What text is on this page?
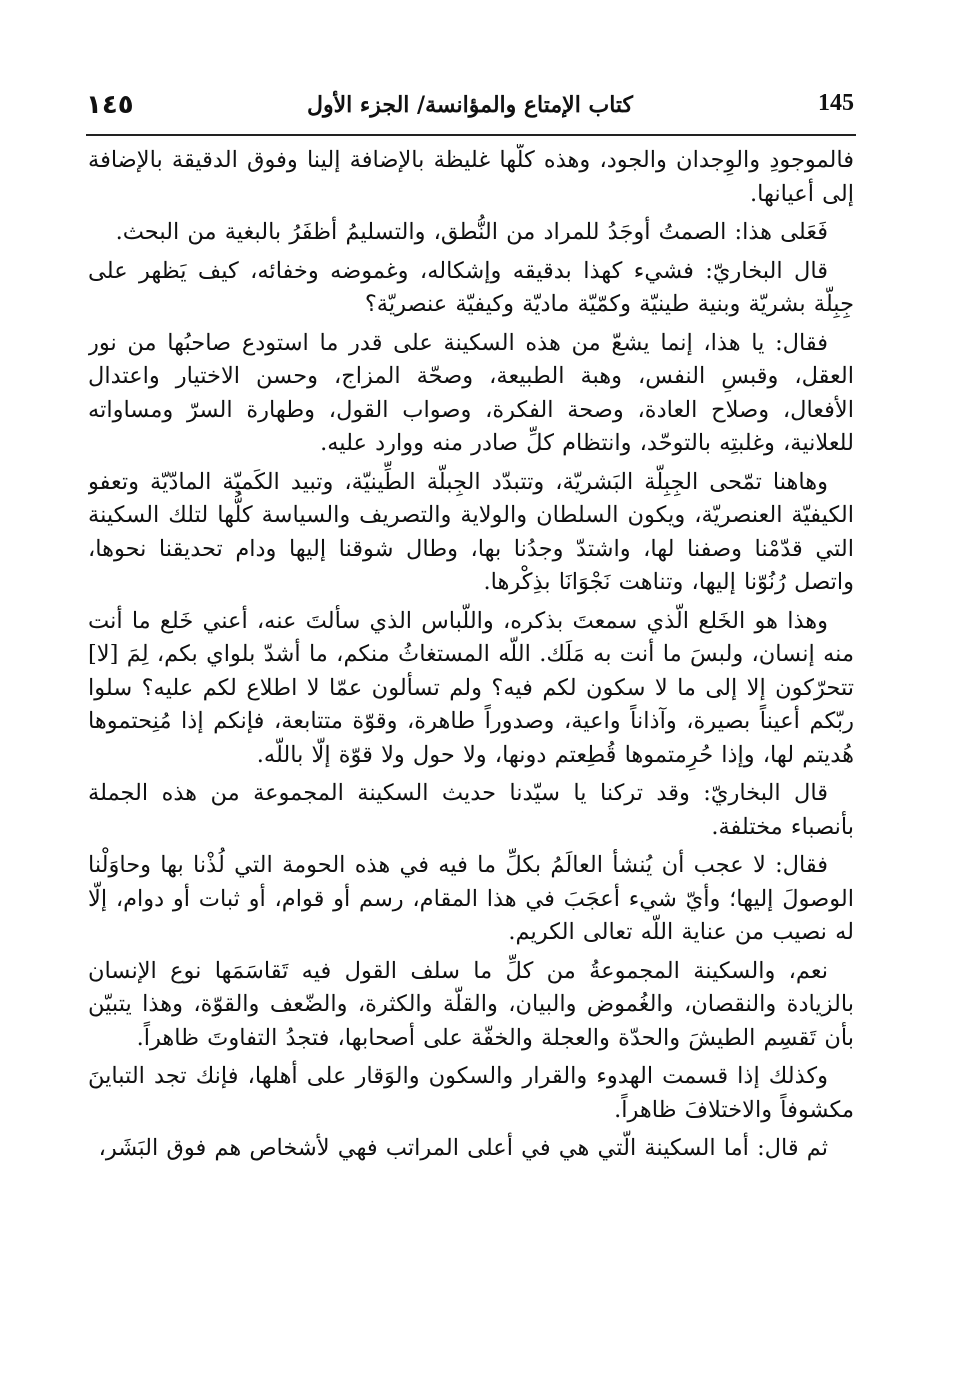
١٤٥	كتاب الإمتاع والمؤانسة/ الجزء الأول	145

فالموجودِ والوِجدان والجود، وهذه كلُّها غليظة بالإضافة إلينا وفوق الدقيقة بالإضافة إلى أعيانها.

فَعَلى هذا: الصمتُ أوجَدُ للمراد من النُّطق، والتسليمُ أظفَرُ بالبغية من البحث.

قال البخاريّ: فشيء كهذا بدقيقه وإشكاله، وغموضه وخفائه، كيف يَظهر على جِبِلّة بشريّة وبنية طينيّة وكمّيّة ماديّة وكيفيّة عنصريّة؟

فقال: يا هذا، إنما يشعّ من هذه السكينة على قدر ما استودع صاحبُها من نور العقل، وقبسِ النفس، وهبة الطبيعة، وصحّة المزاج، وحسن الاختيار واعتدال الأفعال، وصلاح العادة، وصحة الفكرة، وصواب القول، وطهارة السرّ ومساواته للعلانية، وغلبتِه بالتوحّد، وانتظام كلِّ صادر منه ووارد عليه.

وهاهنا تمّحى الجِبِلّة البَشريّة، وتتبدّد الجِبلّة الطِّينيّة، وتبيد الكَميّة المادّيّة وتعفو الكيفيّة العنصريّة، ويكون السلطان والولاية والتصريف والسياسة كلُّها لتلك السكينة التي قدّمْنا وصفنا لها، واشتدّ وجدُنا بها، وطال شوقنا إليها ودام تحديقنا نحوها، واتصل رُنُوّنا إليها، وتناهت نَجْوَانَا بذِكْرها.

وهذا هو الخَلع الّذي سمعتَ بذكره، واللّباس الذي سألتَ عنه، أعني خَلع ما أنت منه إنسان، ولبسَ ما أنت به مَلَك. اللّه المستغاثُ منكم، ما أشدّ بلواي بكم، لِمَ [لا] تتحرّكون إلا إلى ما لا سكون لكم فيه؟ ولم تسألون عمّا لا اطلاع لكم عليه؟ سلوا ربّكم أعيناً بصيرة، وآذاناً واعية، وصدوراً طاهرة، وقوّة متتابعة، فإنكم إذا مُنِحتموها هُديتم لها، وإذا حُرِمتموها قُطِعتم دونها، ولا حول ولا قوّة إلّا باللّه.

قال البخاريّ: وقد تركنا يا سيّدنا حديث السكينة المجموعة من هذه الجملة بأنصباء مختلفة.

فقال: لا عجب أن يُنشأ العالَمُ بكلِّ ما فيه في هذه الحومة التي لُذْنا بها وحاوَلْنا الوصولَ إليها؛ وأيّ شيء أعجَبَ في هذا المقام، رسم أو قوام، أو ثبات أو دوام، إلّا له نصيب من عناية اللّه تعالى الكريم.

نعم، والسكينة المجموعةُ من كلِّ ما سلف القول فيه تَقاسَمَها نوع الإنسان بالزيادة والنقصان، والغُموض والبيان، والقلّة والكثرة، والضّعف والقوّة، وهذا يتبيّن بأن تَقسِم الطيشَ والحدّة والعجلة والخفّة على أصحابها، فتجدُ التفاوتَ ظاهراً.

وكذلك إذا قسمت الهدوء والقرار والسكون والوَقار على أهلها، فإنك تجد التباينَ مكشوفاً والاختلافَ ظاهراً.

ثم قال: أما السكينة الّتي هي في أعلى المراتب فهي لأشخاص هم فوق البَشَر،
